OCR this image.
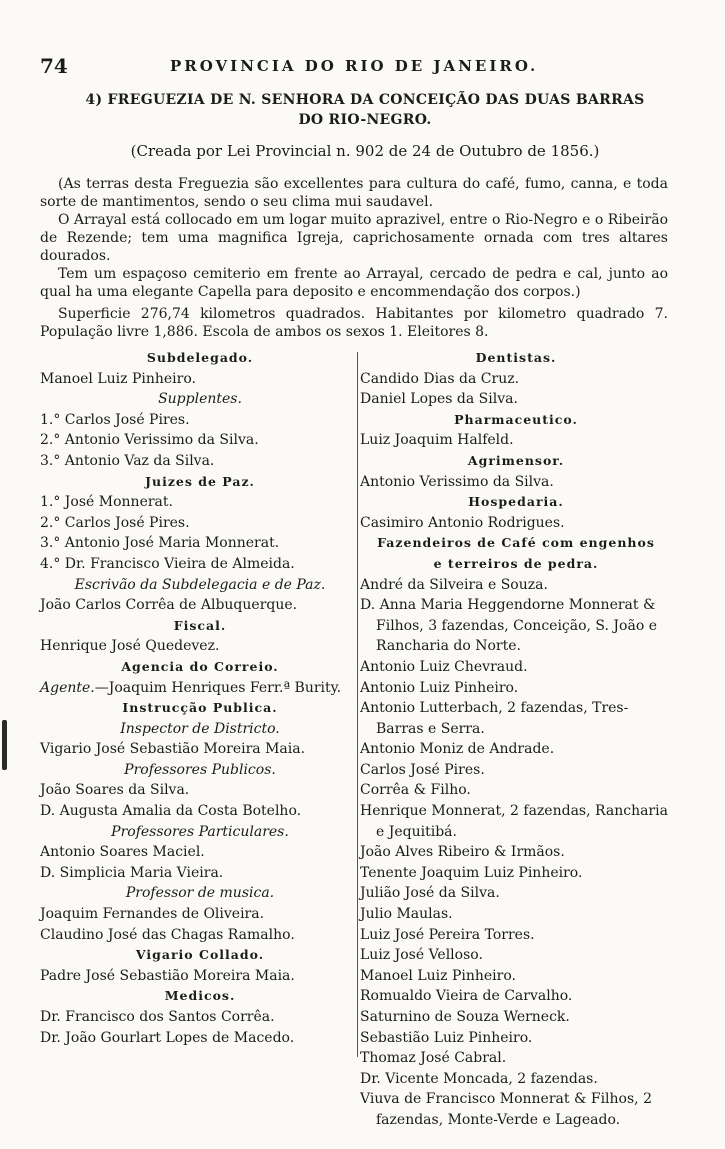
74	PROVINCIA DO RIO DE JANEIRO.
4) FREGUEZIA DE N. SENHORA DA CONCEIÇÃO DAS DUAS BARRAS
DO RIO-NEGRO.
(Creada por Lei Provincial n. 902 de 24 de Outubro de 1856.)

(As terras desta Freguezia são excellentes para cultura do café, fumo, canna, e toda sorte de mantimentos, sendo o seu clima mui saudavel.

O Arrayal está collocado em um logar muito aprazivel, entre o Rio-Negro e o Ribeirão de Rezende; tem uma magnifica Igreja, caprichosamente ornada com tres altares dourados.

Tem um espaçoso cemiterio em frente ao Arrayal, cercado de pedra e cal, junto ao qual ha uma elegante Capella para deposito e encommendação dos corpos.)

Superficie 276,74 kilometros quadrados. Habitantes por kilometro quadrado 7. População livre 1,886. Escola de ambos os sexos 1. Eleitores 8.

Subdelegado.
Manoel Luiz Pinheiro.
Supplentes.
1.° Carlos José Pires.
2.° Antonio Verissimo da Silva.
3.° Antonio Vaz da Silva.
Juizes de Paz.
1.° José Monnerat.
2.° Carlos José Pires.
3.° Antonio José Maria Monnerat.
4.° Dr. Francisco Vieira de Almeida.
Escrivão da Subdelegacia e de Paz.
João Carlos Corrêa de Albuquerque.
Fiscal.
Henrique José Quedevez.
Agencia do Correio.
Agente.—Joaquim Henriques Ferr.ª Burity.
Instrucção Publica.
Inspector de Districto.
Vigario José Sebastião Moreira Maia.
Professores Publicos.
João Soares da Silva.
D. Augusta Amalia da Costa Botelho.
Professores Particulares.
Antonio Soares Maciel.
D. Simplicia Maria Vieira.
Professor de musica.
Joaquim Fernandes de Oliveira.
Claudino José das Chagas Ramalho.
Vigario Collado.
Padre José Sebastião Moreira Maia.
Medicos.
Dr. Francisco dos Santos Corrêa.
Dr. João Gourlart Lopes de Macedo.
Dentistas.
Candido Dias da Cruz.
Daniel Lopes da Silva.
Pharmaceutico.
Luiz Joaquim Halfeld.
Agrimensor.
Antonio Verissimo da Silva.
Hospedaria.
Casimiro Antonio Rodrigues.
Fazendeiros de Café com engenhos
e terreiros de pedra.
André da Silveira e Souza.
D. Anna Maria Heggendorne Monnerat & Filhos, 3 fazendas, Conceição, S. João e Rancharia do Norte.
Antonio Luiz Chevraud.
Antonio Luiz Pinheiro.
Antonio Lutterbach, 2 fazendas, Tres-Barras e Serra.
Antonio Moniz de Andrade.
Carlos José Pires.
Corrêa & Filho.
Henrique Monnerat, 2 fazendas, Rancharia e Jequitibá.
João Alves Ribeiro & Irmãos.
Tenente Joaquim Luiz Pinheiro.
Julião José da Silva.
Julio Maulas.
Luiz José Pereira Torres.
Luiz José Velloso.
Manoel Luiz Pinheiro.
Romualdo Vieira de Carvalho.
Saturnino de Souza Werneck.
Sebastião Luiz Pinheiro.
Thomaz José Cabral.
Dr. Vicente Moncada, 2 fazendas.
Viuva de Francisco Monnerat & Filhos, 2 fazendas, Monte-Verde e Lageado.
